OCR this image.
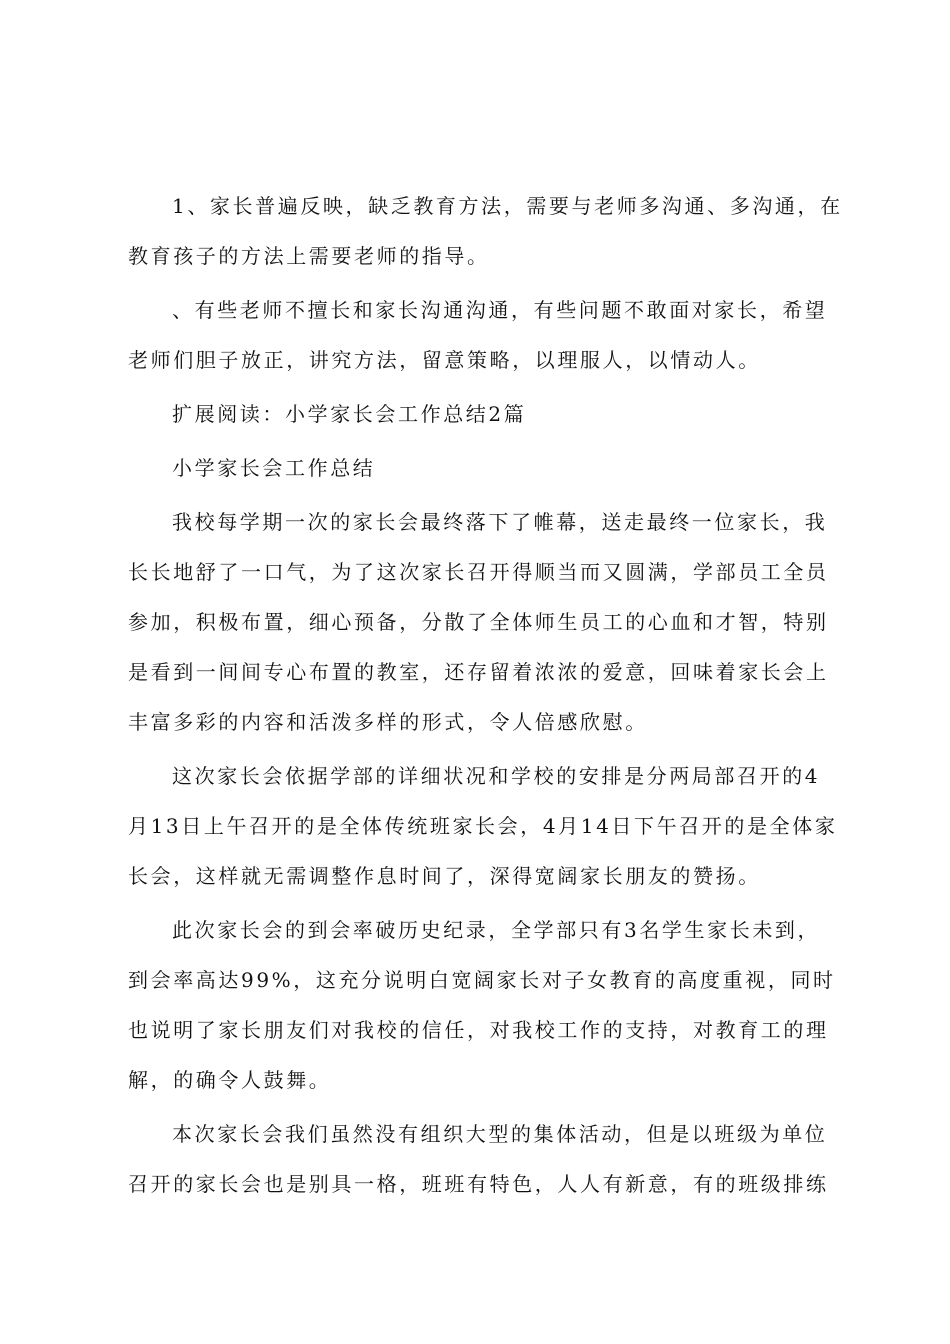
1、家长普遍反映，缺乏教育方法，需要与老师多沟通、多沟通，在
教育孩子的方法上需要老师的指导。
、有些老师不擅长和家长沟通沟通，有些问题不敢面对家长，希望
老师们胆子放正，讲究方法，留意策略，以理服人，以情动人。
扩展阅读：小学家长会工作总结2篇
小学家长会工作总结
我校每学期一次的家长会最终落下了帷幕，送走最终一位家长，我
长长地舒了一口气，为了这次家长召开得顺当而又圆满，学部员工全员
参加，积极布置，细心预备，分散了全体师生员工的心血和才智，特别
是看到一间间专心布置的教室，还存留着浓浓的爱意，回味着家长会上
丰富多彩的内容和活泼多样的形式，令人倍感欣慰。
这次家长会依据学部的详细状况和学校的安排是分两局部召开的4
月13日上午召开的是全体传统班家长会，4月14日下午召开的是全体家
长会，这样就无需调整作息时间了，深得宽阔家长朋友的赞扬。
此次家长会的到会率破历史纪录，全学部只有3名学生家长未到，
到会率高达99%，这充分说明白宽阔家长对子女教育的高度重视，同时
也说明了家长朋友们对我校的信任，对我校工作的支持，对教育工的理
解，的确令人鼓舞。
本次家长会我们虽然没有组织大型的集体活动，但是以班级为单位
召开的家长会也是别具一格，班班有特色，人人有新意，有的班级排练
